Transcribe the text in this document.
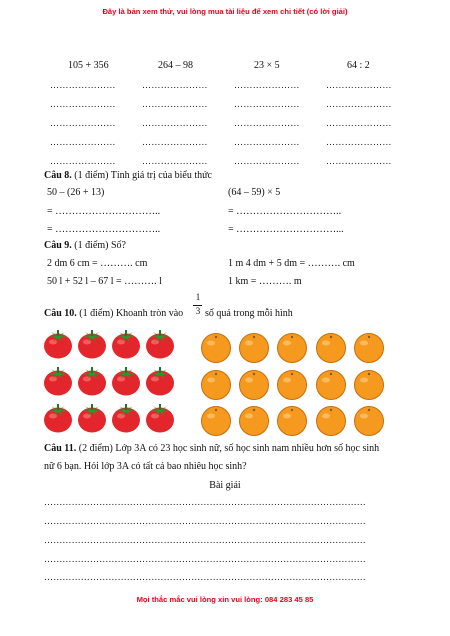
Đây là bản xem thử, vui lòng mua tài liệu để xem chi tiết (có lời giải)
105 + 356	264 – 98	23 × 5	64 : 2
…………………	…………………	…………………	…………………
…………………	…………………	…………………	…………………
…………………	…………………	…………………	…………………
…………………	…………………	…………………	…………………
…………………	…………………	…………………	…………………
Câu 8. (1 điểm) Tính giá trị của biểu thức
50 – (26 + 13)	(64 – 59) × 5
= …………………………..	= …………………………..
= …………………………..	= …………………………...
Câu 9. (1 điểm) Số?
2 dm 6 cm = ………. cm	1 m 4 dm + 5 dm = ………. cm
50 l + 52 l – 67 l = ………. l	1 km = ………. m
Câu 10. (1 điểm) Khoanh tròn vào
1
3 số quả trong mỗi hình
Câu 11. (2 điểm) Lớp 3A có 23 học sinh nữ, số học sinh nam nhiều hơn số học sinh
nữ 6 bạn. Hỏi lớp 3A có tất cả bao nhiêu học sinh?
Bài giải
……………………………………………………………………………………………
……………………………………………………………………………………………
……………………………………………………………………………………………
……………………………………………………………………………………………
……………………………………………………………………………………………
Mọi thắc mắc vui lòng xin vui lòng: 084 283 45 85
